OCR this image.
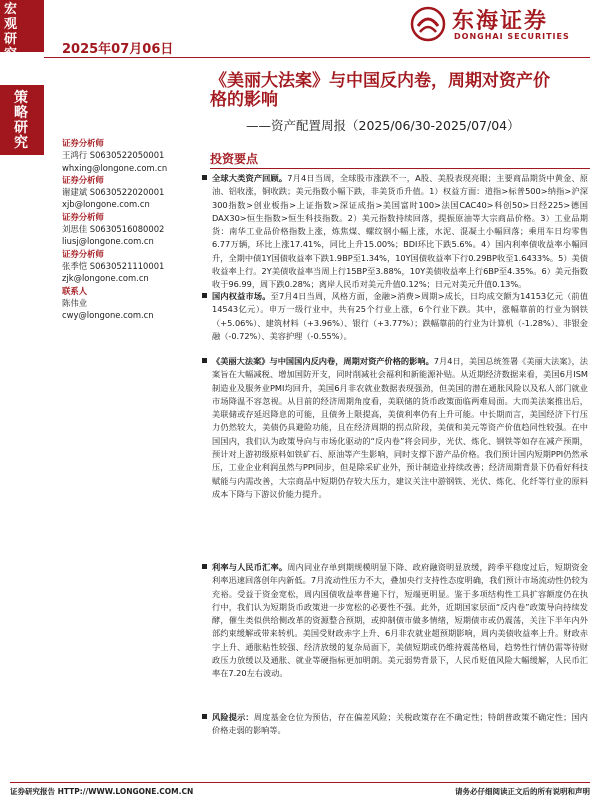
宏观研究
策略研究
2025年07月06日
东海证券
DONGHAI SECURITIES
《美丽大法案》与中国反内卷，周期对资产价格的影响
——资产配置周报（2025/06/30-2025/07/04）
证券分析师
王鸿行 S0630522050001
whxing@longone.com.cn
证券分析师
谢建斌 S0630522020001
xjb@longone.com.cn
证券分析师
刘思佳 S0630516080002
liusj@longone.com.cn
证券分析师
张季恺 S0630521110001
zjk@longone.com.cn
联系人
陈伟业
cwy@longone.com.cn
投资要点
全球大类资产回顾。7月4日当周，全球股市涨跌不一，A股、美股表现亮眼；主要商品期货中黄金、原油、铝收涨，铜收跌；美元指数小幅下跌，非美货币升值。1）权益方面：道指>标普500>纳指>沪深300指数>创业板指>上证指数>深证成指>美国富时100>法国CAC40>科创50>日经225>德国DAX30>恒生指数>恒生科技指数。2）美元指数持续回落，提振原油等大宗商品价格。3）工业品期货：南华工业品价格指数上涨，炼焦煤、螺纹钢小幅上涨，水泥、混凝土小幅回落；乘用车日均零售6.77万辆，环比上涨17.41%，同比上升15.00%；BDI环比下跌5.6%。4）国内利率债收益率小幅回升，全期中债1Y国债收益率下跌1.9BP至1.34%，10Y国债收益率下行0.29BP收至1.6433%。5）美债收益率上行。2Y美债收益率当周上行15BP至3.88%，10Y美债收益率上行6BP至4.35%。6）美元指数收于96.99，周下跌0.28%；离岸人民币对美元升值0.12%；日元对美元升值0.13%。
国内权益市场。至7月4日当周，风格方面，金融>消费>周期>成长，日均成交额为14153亿元（前值14543亿元）。申万一级行业中，共有25个行业上涨，6个行业下跌。其中，涨幅靠前的行业为钢铁（+5.06%）、建筑材料（+3.96%）、银行（+3.77%）；跌幅靠前的行业为计算机（-1.28%）、非银金融（-0.72%）、美容护理（-0.55%）。
《美丽大法案》与中国国内反内卷，周期对资产价格的影响。7月4日，美国总统签署《美丽大法案》，法案旨在大幅减税、增加国防开支，同时削减社会福利和新能源补贴。从近期经济数据来看，美国6月ISM制造业及服务业PMI均回升，美国6月非农就业数据表现强劲，但美国的潜在通胀风险以及私人部门就业市场降温不容忽视。从目前的经济周期角度看，美联储的货币政策面临两难局面。大而美法案推出后，美联储或存延迟降息的可能，且债务上限提高，美债利率仍有上升可能。中长期而言，美国经济下行压力仍然较大，美债仍具避险功能，且在经济周期的拐点阶段，美债和美元等资产价值趋同性较强。在中国国内，我们认为政策导向与市场化驱动的“反内卷”将会同步，光伏、炼化、钢铁等如存在减产预期，预计对上游初级原料如铁矿石、原油等产生影响，同时支撑下游产品价格。我们预计国内短期PPI仍然承压，工业企业利润虽然与PPI同步，但是除采矿业外，预计制造业持续改善；经济周期背景下仍看好科技赋能与内需改善，大宗商品中短期仍存较大压力，建议关注中游钢铁、光伏、炼化、化纤等行业的原料成本下降与下游议价能力提升。
利率与人民币汇率。周内同业存单到期规模明显下降、政府融资明显放缓，跨季平稳度过后，短期资金利率迅速回落创年内新低。7月流动性压力不大，叠加央行支持性态度明确，我们预计市场流动性仍较为充裕。受益于资金宽松，周内国债收益率普遍下行，短端更明显。鉴于多项结构性工具扩容额度仍在执行中，我们认为短期货币政策进一步宽松的必要性不强。此外，近期国家层面“反内卷”政策导向持续发酵，催生类似供给侧改革的资源整合预期，或抑制债市做多情绪，短期债市或仍震荡，关注下半年内外部约束缓解或带来转机。美国受财政赤字上升、6月非农就业超预期影响，周内美债收益率上升。财政赤字上升、通胀粘性较强、经济放缓的复杂局面下，美债短期或仍维持震荡格局，趋势性行情仍需等待财政压力放缓以及通胀、就业等硬指标更加明朗。美元弱势背景下，人民币贬值风险大幅缓解，人民币汇率在7.20左右波动。
风险提示：周度基金仓位为预估，存在偏差风险；关税政策存在不确定性；特朗普政策不确定性；国内价格走弱的影响等。
证券研究报告 HTTP://WWW.LONGONE.COM.CN	请务必仔细阅读正文后的所有说明和声明
